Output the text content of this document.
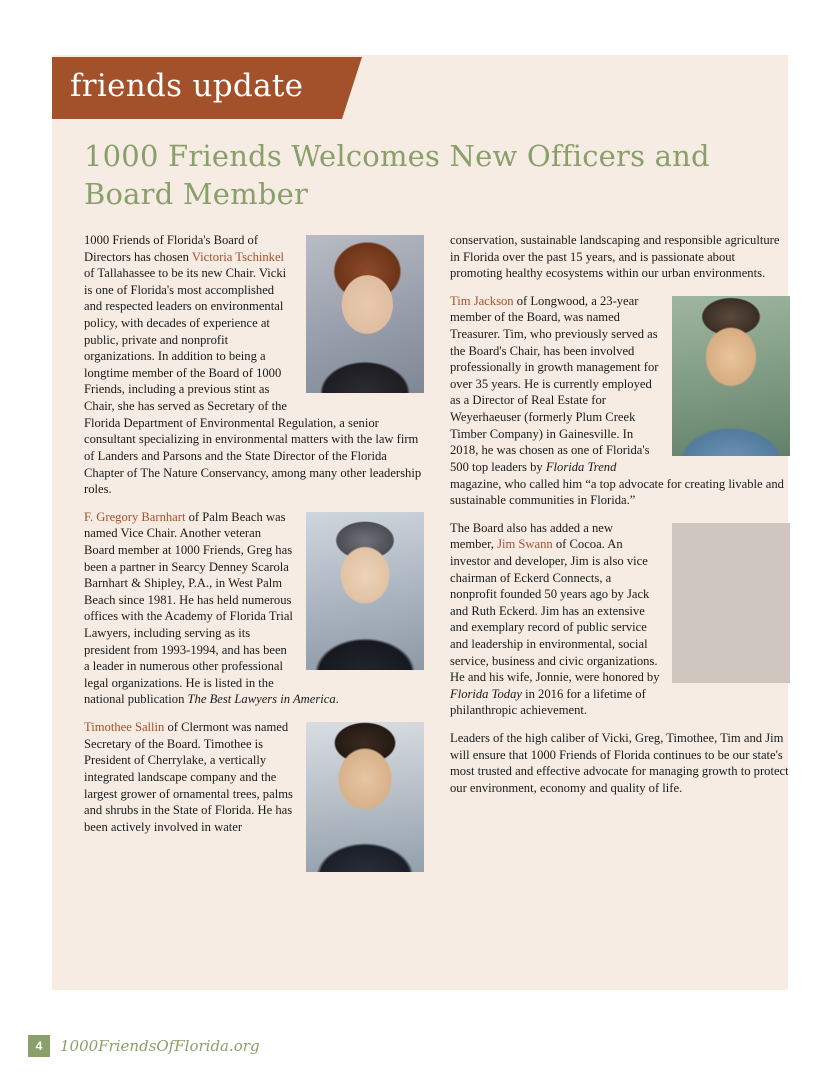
friends update
1000 Friends Welcomes New Officers and Board Member

1000 Friends of Florida's Board of Directors has chosen Victoria Tschinkel of Tallahassee to be its new Chair. Vicki is one of Florida's most accomplished and respected leaders on environmental policy, with decades of experience at public, private and nonprofit organizations. In addition to being a longtime member of the Board of 1000 Friends, including a previous stint as Chair, she has served as Secretary of the Florida Department of Environmental Regulation, a senior consultant specializing in environmental matters with the law firm of Landers and Parsons and the State Director of the Florida Chapter of The Nature Conservancy, among many other leadership roles.

F. Gregory Barnhart of Palm Beach was named Vice Chair. Another veteran Board member at 1000 Friends, Greg has been a partner in Searcy Denney Scarola Barnhart & Shipley, P.A., in West Palm Beach since 1981. He has held numerous offices with the Academy of Florida Trial Lawyers, including serving as its president from 1993-1994, and has been a leader in numerous other professional legal organizations. He is listed in the national publication The Best Lawyers in America.

Timothee Sallin of Clermont was named Secretary of the Board. Timothee is President of Cherrylake, a vertically integrated landscape company and the largest grower of ornamental trees, palms and shrubs in the State of Florida. He has been actively involved in water

conservation, sustainable landscaping and responsible agriculture in Florida over the past 15 years, and is passionate about promoting healthy ecosystems within our urban environments.

Tim Jackson of Longwood, a 23-year member of the Board, was named Treasurer. Tim, who previously served as the Board's Chair, has been involved professionally in growth management for over 35 years. He is currently employed as a Director of Real Estate for Weyerhaeuser (formerly Plum Creek Timber Company) in Gainesville. In 2018, he was chosen as one of Florida's 500 top leaders by Florida Trend magazine, who called him “a top advocate for creating livable and sustainable communities in Florida.”

The Board also has added a new member, Jim Swann of Cocoa. An investor and developer, Jim is also vice chairman of Eckerd Connects, a nonprofit founded 50 years ago by Jack and Ruth Eckerd. Jim has an extensive and exemplary record of public service and leadership in environmental, social service, business and civic organizations. He and his wife, Jonnie, were honored by Florida Today in 2016 for a lifetime of philanthropic achievement.

Leaders of the high caliber of Vicki, Greg, Timothee, Tim and Jim will ensure that 1000 Friends of Florida continues to be our state's most trusted and effective advocate for managing growth to protect our environment, economy and quality of life.

4	1000FriendsOfFlorida.org
